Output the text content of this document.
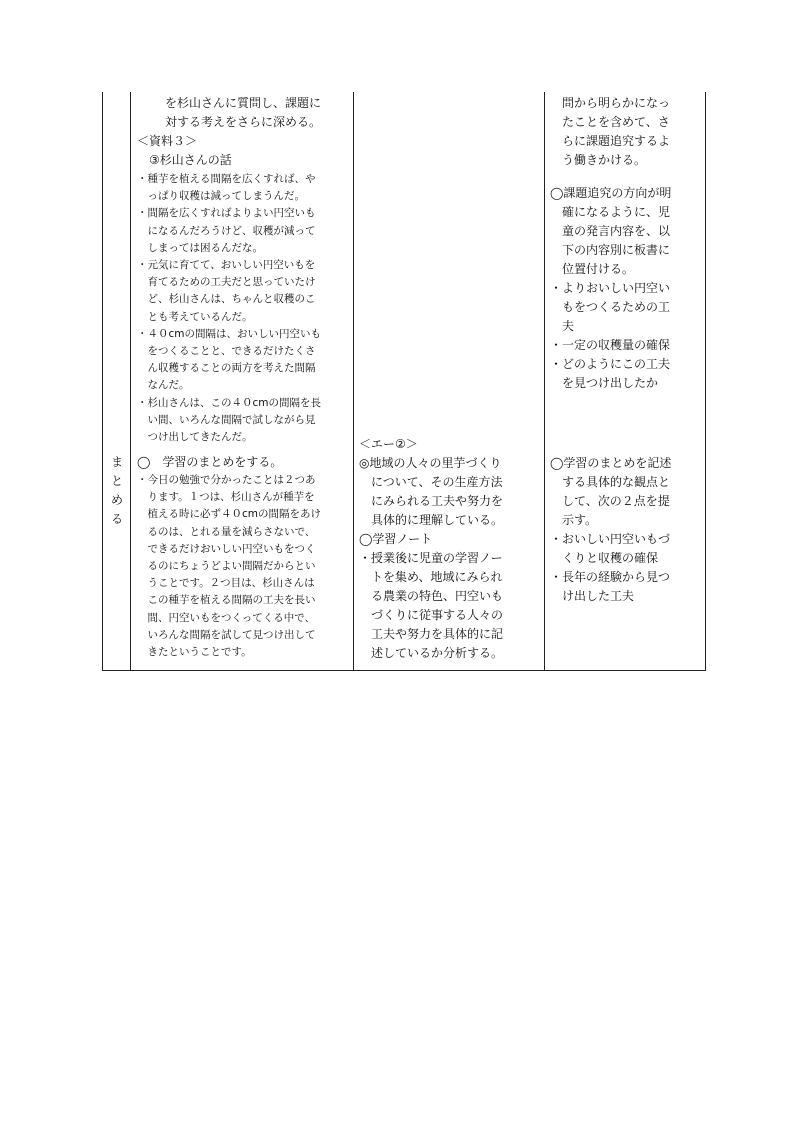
を杉山さんに質問し、課題に
対する考えをさらに深める。
＜資料３＞
③杉山さんの話
・種芋を植える間隔を広くすれば、や
　っぱり収穫は減ってしまうんだ。
・間隔を広くすればよりよい円空いも
　になるんだろうけど、収穫が減って
　しまっては困るんだな。
・元気に育てて、おいしい円空いもを
　育てるための工夫だと思っていたけ
　ど、杉山さんは、ちゃんと収穫のこ
　とも考えているんだ。
・４０cmの間隔は、おいしい円空いも
　をつくることと、できるだけたくさ
　ん収穫することの両方を考えた間隔
　なんだ。
・杉山さんは、この４０cmの間隔を長
　い間、いろんな間隔で試しながら見
　つけ出してきたんだ。
問から明らかになっ
たことを含めて、さ
らに課題追究するよ
う働きかける。
◯課題追究の方向が明
　確になるように、児
　童の発言内容を、以
　下の内容別に板書に
　位置付ける。
・よりおいしい円空い
　もをつくるための工
　夫
・一定の収穫量の確保
・どのようにこの工夫
　を見つけ出したか
ま
と
め
る
◯　学習のまとめをする。
・今日の勉強で分かったことは２つあ
　ります。１つは、杉山さんが種芋を
　植える時に必ず４０cmの間隔をあけ
　るのは、とれる量を減らさないで、
　できるだけおいしい円空いもをつく
　るのにちょうどよい間隔だからとい
　うことです。２つ目は、杉山さんは
　この種芋を植える間隔の工夫を長い
　間、円空いもをつくってくる中で、
　いろんな間隔を試して見つけ出して
　きたということです。
＜エー②＞
◎地域の人々の里芋づくり
　について、その生産方法
　にみられる工夫や努力を
　具体的に理解している。
◯学習ノート
・授業後に児童の学習ノー
　トを集め、地域にみられ
　る農業の特色、円空いも
　づくりに従事する人々の
　工夫や努力を具体的に記
　述しているか分析する。
◯学習のまとめを記述
　する具体的な観点と
　して、次の２点を提
　示す。
・おいしい円空いもづ
　くりと収穫の確保
・長年の経験から見つ
　け出した工夫
